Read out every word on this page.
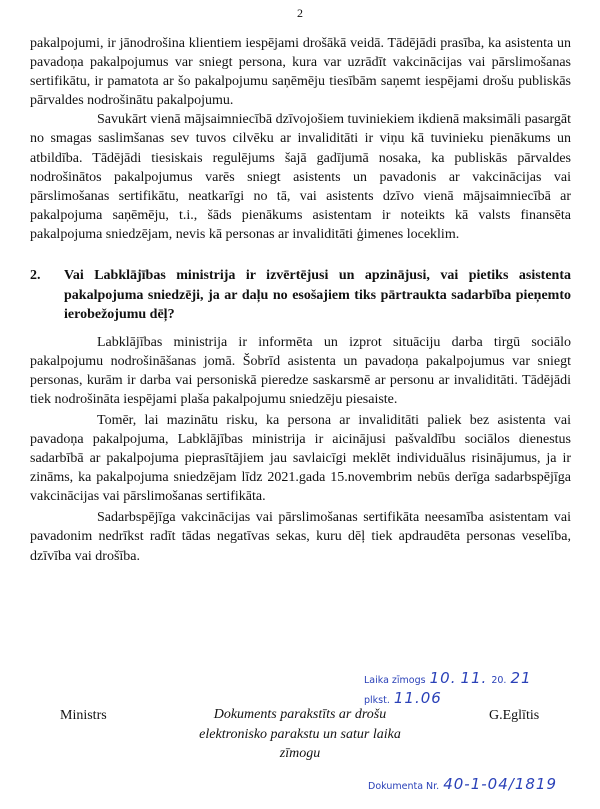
2

pakalpojumi, ir jānodrošina klientiem iespējami drošākā veidā. Tādējādi prasība, ka asistenta un pavadoņa pakalpojumus var sniegt persona, kura var uzrādīt vakcinācijas vai pārslimošanas sertifikātu, ir pamatota ar šo pakalpojumu saņēmēju tiesībām saņemt iespējami drošu publiskās pārvaldes nodrošinātu pakalpojumu.

Savukārt vienā mājsaimniecībā dzīvojošiem tuviniekiem ikdienā maksimāli pasargāt no smagas saslimšanas sev tuvos cilvēku ar invaliditāti ir viņu kā tuvinieku pienākums un atbildība. Tādējādi tiesiskais regulējums šajā gadījumā nosaka, ka publiskās pārvaldes nodrošinātos pakalpojumus varēs sniegt asistents un pavadonis ar vakcinācijas vai pārslimošanas sertifikātu, neatkarīgi no tā, vai asistents dzīvo vienā mājsaimniecībā ar pakalpojuma saņēmēju, t.i., šāds pienākums asistentam ir noteikts kā valsts finansēta pakalpojuma sniedzējam, nevis kā personas ar invaliditāti ģimenes loceklim.

2.	Vai Labklājības ministrija ir izvērtējusi un apzinājusi, vai pietiks asistenta pakalpojuma sniedzēji, ja ar daļu no esošajiem tiks pārtraukta sadarbība pieņemto ierobežojumu dēļ?

Labklājības ministrija ir informēta un izprot situāciju darba tirgū sociālo pakalpojumu nodrošināšanas jomā. Šobrīd asistenta un pavadoņa pakalpojumus var sniegt personas, kurām ir darba vai personiskā pieredze saskarsmē ar personu ar invaliditāti. Tādējādi tiek nodrošināta iespējami plaša pakalpojumu sniedzēju piesaiste.

Tomēr, lai mazinātu risku, ka persona ar invaliditāti paliek bez asistenta vai pavadoņa pakalpojuma, Labklājības ministrija ir aicinājusi pašvaldību sociālos dienestus sadarbībā ar pakalpojuma pieprasītājiem jau savlaicīgi meklēt individuālus risinājumus, ja ir zināms, ka pakalpojuma sniedzējam līdz 2021.gada 15.novembrim nebūs derīga sadarbspējīga vakcinācijas vai pārslimošanas sertifikāta.

Sadarbspējīga vakcinācijas vai pārslimošanas sertifikāta neesamība asistentam vai pavadonim nedrīkst radīt tādas negatīvas sekas, kuru dēļ tiek apdraudēta personas veselība, dzīvība vai drošība.

Laika zīmogs 10. 11. 20. 21
plkst. 11.06
Ministrs	Dokuments parakstīts ar drošu elektronisko parakstu un satur laika zīmogu
G.Eglītis
Dokumenta Nr. 40-1-04/1819
